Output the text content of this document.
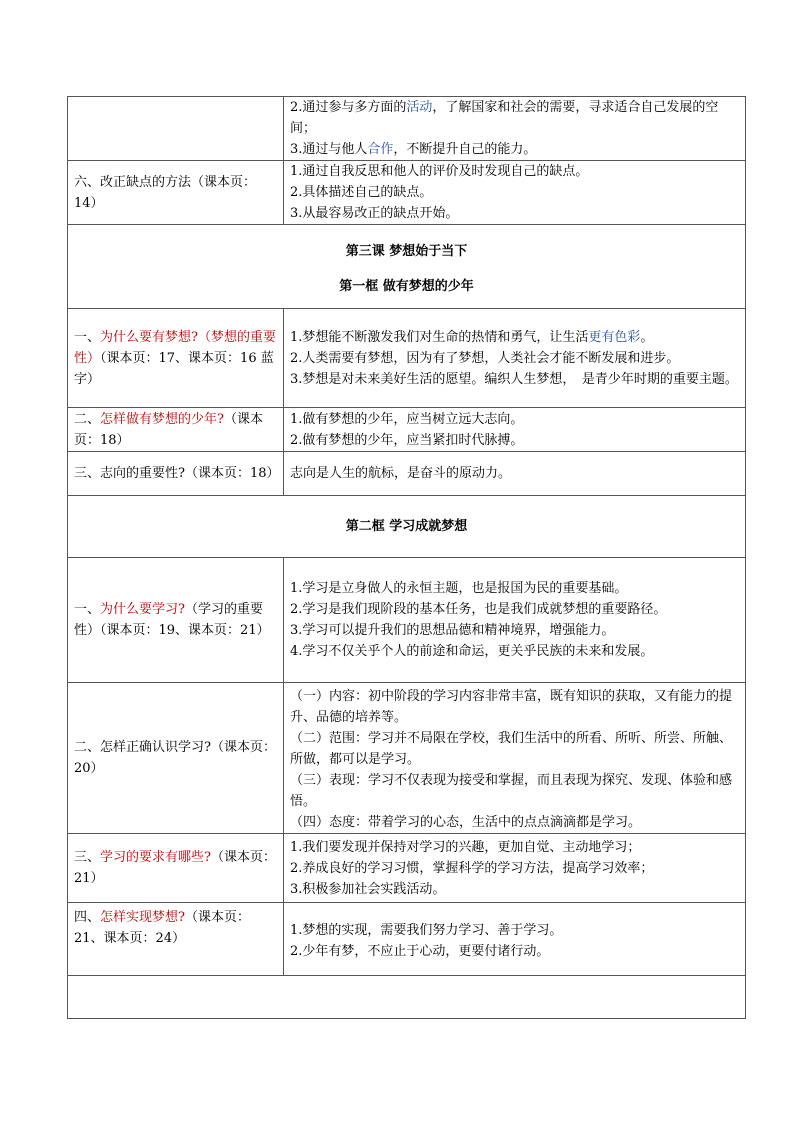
	2.通过参与多方面的活动，了解国家和社会的需要，寻求适合自己发展的空间；
3.通过与他人合作，不断提升自己的能力。

六、改正缺点的方法（课本页：14）	1.通过自我反思和他人的评价及时发现自己的缺点。
2.具体描述自己的缺点。
3.从最容易改正的缺点开始。

第三课 梦想始于当下
第一框 做有梦想的少年	

一、为什么要有梦想?（梦想的重要性）（课本页：17、课本页：16 蓝字）	1.梦想能不断激发我们对生命的热情和勇气，让生活更有色彩。
2.人类需要有梦想，因为有了梦想，人类社会才能不断发展和进步。
3.梦想是对未来美好生活的愿望。编织人生梦想，　是青少年时期的重要主题。

二、怎样做有梦想的少年?（课本页：18）	1.做有梦想的少年，应当树立远大志向。
2.做有梦想的少年，应当紧扣时代脉搏。

三、志向的重要性?（课本页：18）	志向是人生的航标，是奋斗的原动力。

第二框 学习成就梦想	
一、为什么要学习?（学习的重要性）（课本页：19、课本页：21）	1.学习是立身做人的永恒主题，也是报国为民的重要基础。
2.学习是我们现阶段的基本任务，也是我们成就梦想的重要路径。
3.学习可以提升我们的思想品德和精神境界，增强能力。
4.学习不仅关乎个人的前途和命运，更关乎民族的未来和发展。

二、怎样正确认识学习?（课本页：20）	（一）内容：初中阶段的学习内容非常丰富，既有知识的获取，又有能力的提升、品德的培养等。
（二）范围：学习并不局限在学校，我们生活中的所看、所听、所尝、所触、所做，都可以是学习。
（三）表现：学习不仅表现为接受和掌握，而且表现为探究、发现、体验和感悟。
（四）态度：带着学习的心态，生活中的点点滴滴都是学习。

三、学习的要求有哪些?（课本页：21）	1.我们要发现并保持对学习的兴趣，更加自觉、主动地学习；
2.养成良好的学习习惯，掌握科学的学习方法，提高学习效率；
3.积极参加社会实践活动。

四、怎样实现梦想?（课本页：21、课本页：24）	1.梦想的实现，需要我们努力学习、善于学习。
2.少年有梦，不应止于心动，更要付诸行动。
